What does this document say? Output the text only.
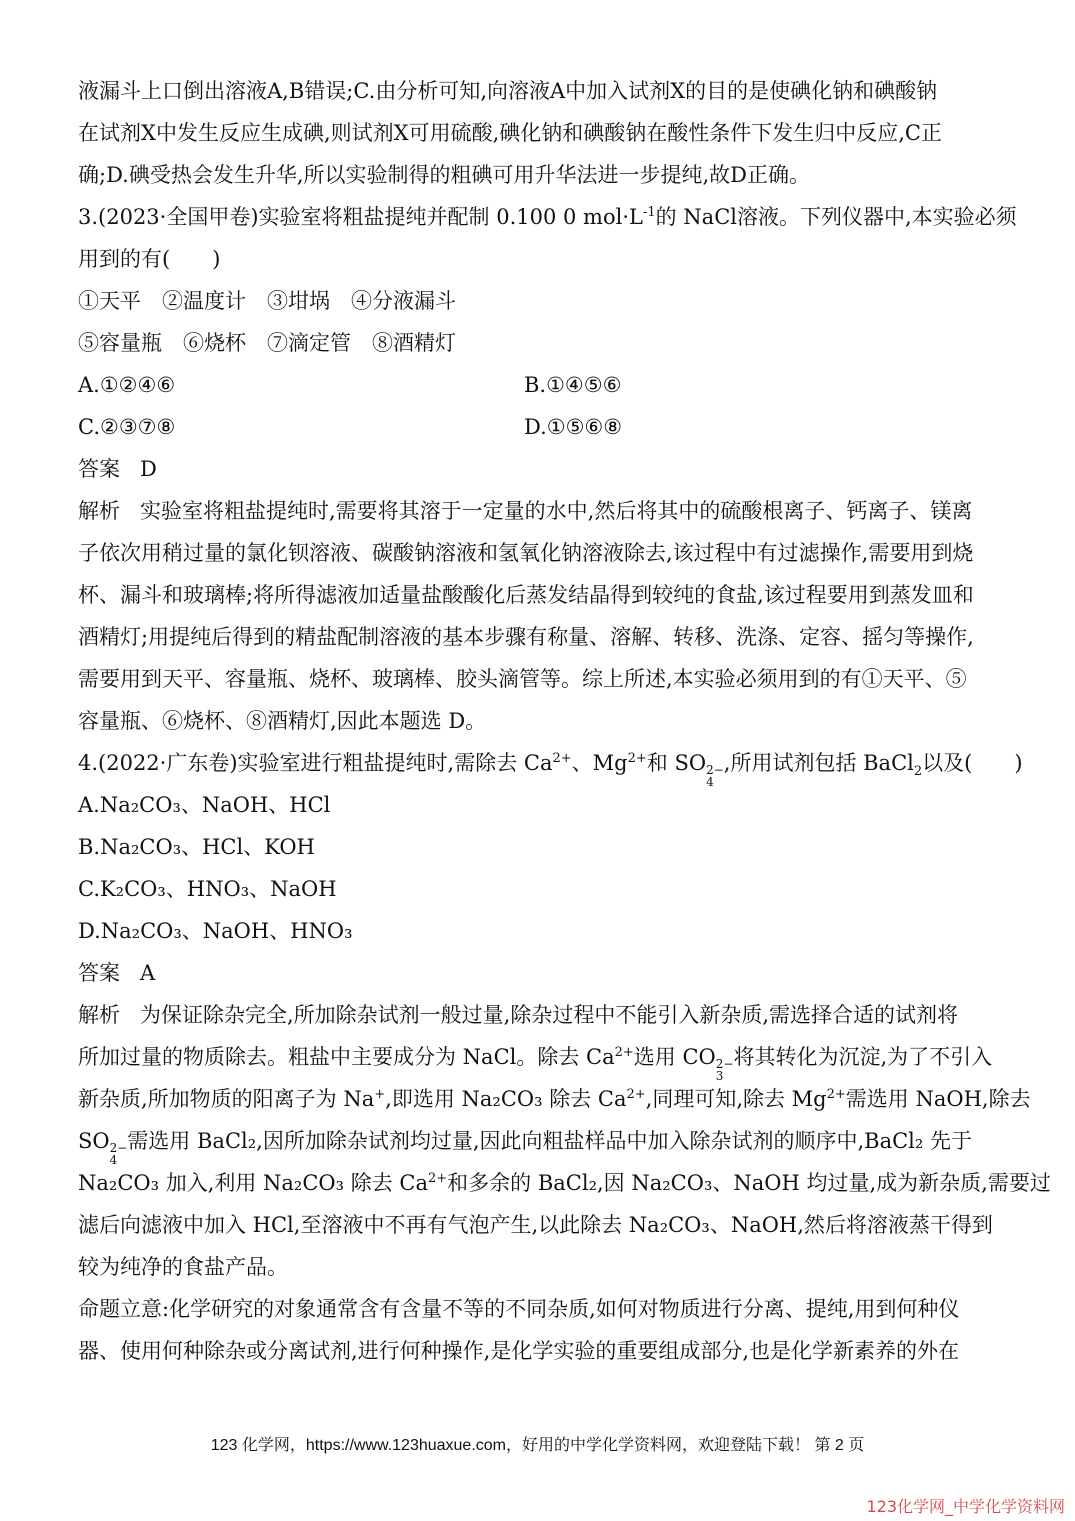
液漏斗上口倒出溶液A,B错误;C.由分析可知,向溶液A中加入试剂X的目的是使碘化钠和碘酸钠
在试剂X中发生反应生成碘,则试剂X可用硫酸,碘化钠和碘酸钠在酸性条件下发生归中反应,C正
确;D.碘受热会发生升华,所以实验制得的粗碘可用升华法进一步提纯,故D正确。
3.(2023·全国甲卷)实验室将粗盐提纯并配制 0.100 0 $mol\cdot L^{-1}$的 NaCl溶液。下列仪器中,本实验必须
用到的有(　　)
①天平　②温度计　③坩埚　④分液漏斗
⑤容量瓶　⑥烧杯　⑦滴定管　⑧酒精灯
A.①②④⑥	B.①④⑤⑥
C.②③⑦⑧	D.①⑤⑥⑧
答案 D
解析 实验室将粗盐提纯时,需要将其溶于一定量的水中,然后将其中的硫酸根离子、钙离子、镁离
子依次用稍过量的氯化钡溶液、碳酸钠溶液和氢氧化钠溶液除去,该过程中有过滤操作,需要用到烧
杯、漏斗和玻璃棒;将所得滤液加适量盐酸酸化后蒸发结晶得到较纯的食盐,该过程要用到蒸发皿和
酒精灯;用提纯后得到的精盐配制溶液的基本步骤有称量、溶解、转移、洗涤、定容、摇匀等操作,
需要用到天平、容量瓶、烧杯、玻璃棒、胶头滴管等。综上所述,本实验必须用到的有①天平、⑤
容量瓶、⑥烧杯、⑧酒精灯,因此本题选 D。
4.(2022·广东卷)实验室进行粗盐提纯时,需除去 $Ca^{2+}$、$Mg^{2+}$和 SO 2−
4
,所用试剂包括 BaCl$_2$以及(　　)
A.Na₂CO₃、NaOH、HCl
B.Na₂CO₃、HCl、KOH
C.K₂CO₃、HNO₃、NaOH
D.Na₂CO₃、NaOH、HNO₃
答案 A
解析 为保证除杂完全,所加除杂试剂一般过量,除杂过程中不能引入新杂质,需选择合适的试剂将
所加过量的物质除去。粗盐中主要成分为 NaCl。除去 $Ca^{2+}$选用 CO 2−
3
将其转化为沉淀,为了不引入
新杂质,所加物质的阳离子为 Na+,即选用 Na₂CO₃ 除去 $Ca^{2+}$,同理可知,除去 $Mg^{2+}$需选用 NaOH,除去
SO 2−
4
需选用 BaCl₂,因所加除杂试剂均过量,因此向粗盐样品中加入除杂试剂的顺序中,BaCl₂ 先于
Na₂CO₃ 加入,利用 Na₂CO₃ 除去 $Ca^{2+}$和多余的 BaCl₂,因 Na₂CO₃、NaOH 均过量,成为新杂质,需要过
滤后向滤液中加入 HCl,至溶液中不再有气泡产生,以此除去 Na₂CO₃、NaOH,然后将溶液蒸干得到
较为纯净的食盐产品。
命题立意:化学研究的对象通常含有含量不等的不同杂质,如何对物质进行分离、提纯,用到何种仪
器、使用何种除杂或分离试剂,进行何种操作,是化学实验的重要组成部分,也是化学新素养的外在
123 化学网，https://www.123huaxue.com，好用的中学化学资料网，欢迎登陆下载！ 第 2 页
123化学网_中学化学资料网
